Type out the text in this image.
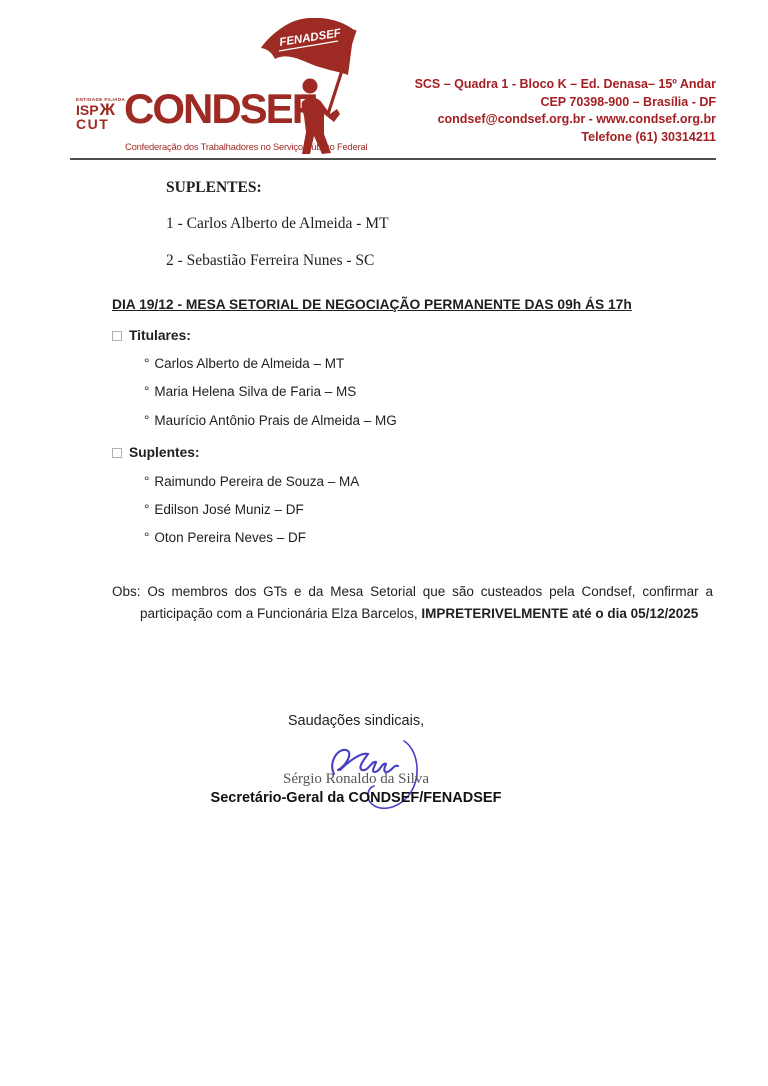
FENADSEF
ENTIDADE FILIADA
ISP Ж
CUT CONDSEF
Confederação dos Trabalhadores no Serviço Público Federal
SCS – Quadra 1 - Bloco K – Ed. Denasa– 15º Andar
CEP 70398-900 – Brasília - DF
condsef@condsef.org.br - www.condsef.org.br
Telefone (61) 30314211
SUPLENTES:
1 - Carlos Alberto de Almeida - MT
2 - Sebastião Ferreira Nunes - SC
DIA 19/12 - MESA SETORIAL DE NEGOCIAÇÃO PERMANENTE DAS 09h ÁS 17h
Titulares:
° Carlos Alberto de Almeida – MT
° Maria Helena Silva de Faria – MS
° Maurício Antônio Prais de Almeida – MG
Suplentes:
° Raimundo Pereira de Souza – MA
° Edilson José Muniz – DF
° Oton Pereira Neves – DF
Obs: Os membros dos GTs e da Mesa Setorial que são custeados pela Condsef, confirmar a participação com a Funcionária Elza Barcelos, IMPRETERIVELMENTE até o dia 05/12/2025
Saudações sindicais,
Sérgio Ronaldo da Silva
Secretário-Geral da CONDSEF/FENADSEF
